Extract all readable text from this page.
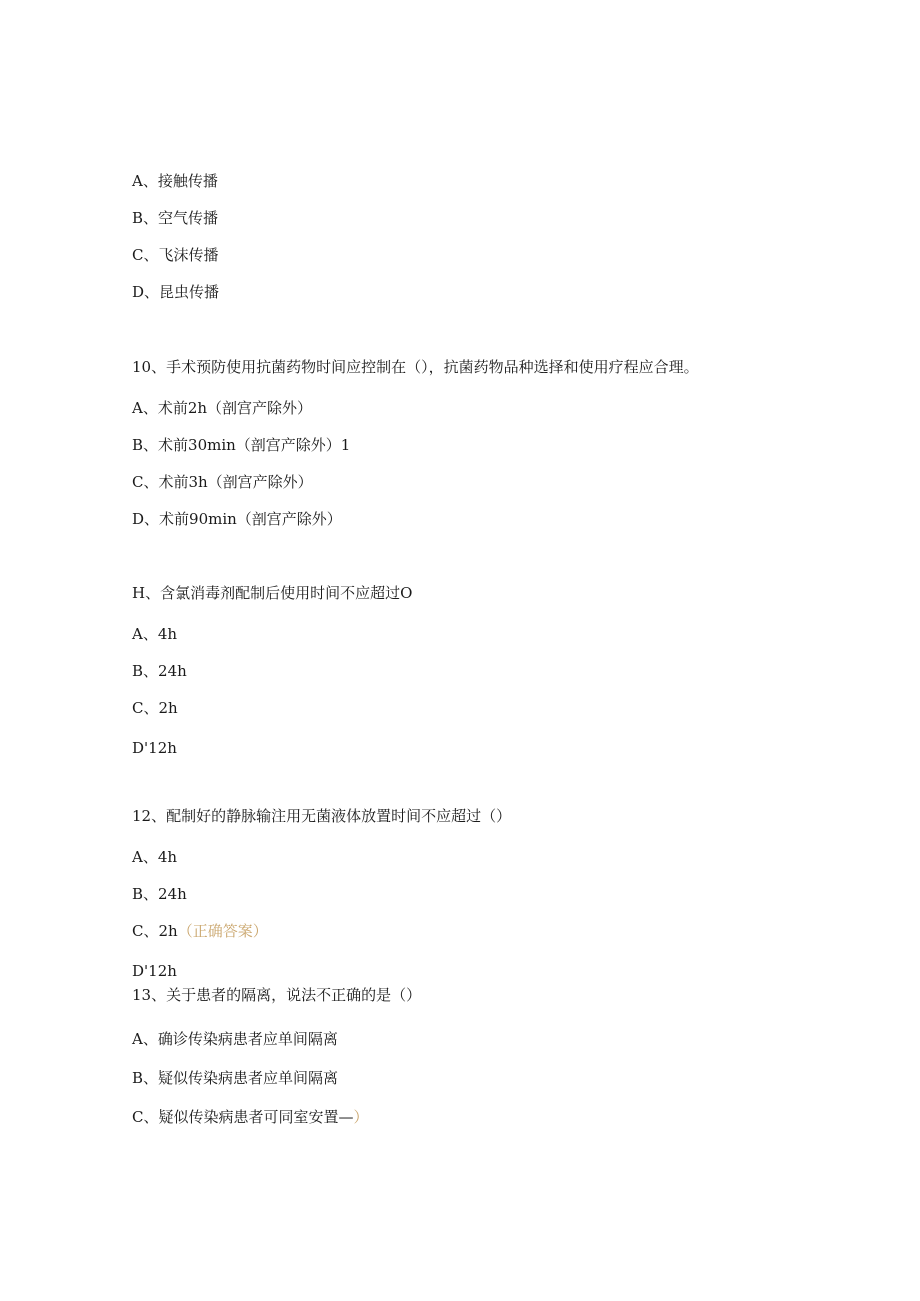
A、接触传播
B、空气传播
C、飞沫传播
D、昆虫传播
10、手术预防使用抗菌药物时间应控制在（），抗菌药物品种选择和使用疗程应合理。
A、术前2h（剖宫产除外）
B、术前30min（剖宫产除外）1
C、术前3h（剖宫产除外）
D、术前90min（剖宫产除外）
H、含氯消毒剂配制后使用时间不应超过O
A、4h
B、24h
C、2h
D'12h
12、配制好的静脉输注用无菌液体放置时间不应超过（）
A、4h
B、24h
C、2h（正确答案）
D'12h
13、关于患者的隔离，说法不正确的是（）
A、确诊传染病患者应单间隔离
B、疑似传染病患者应单间隔离
C、疑似传染病患者可同室安置—）
